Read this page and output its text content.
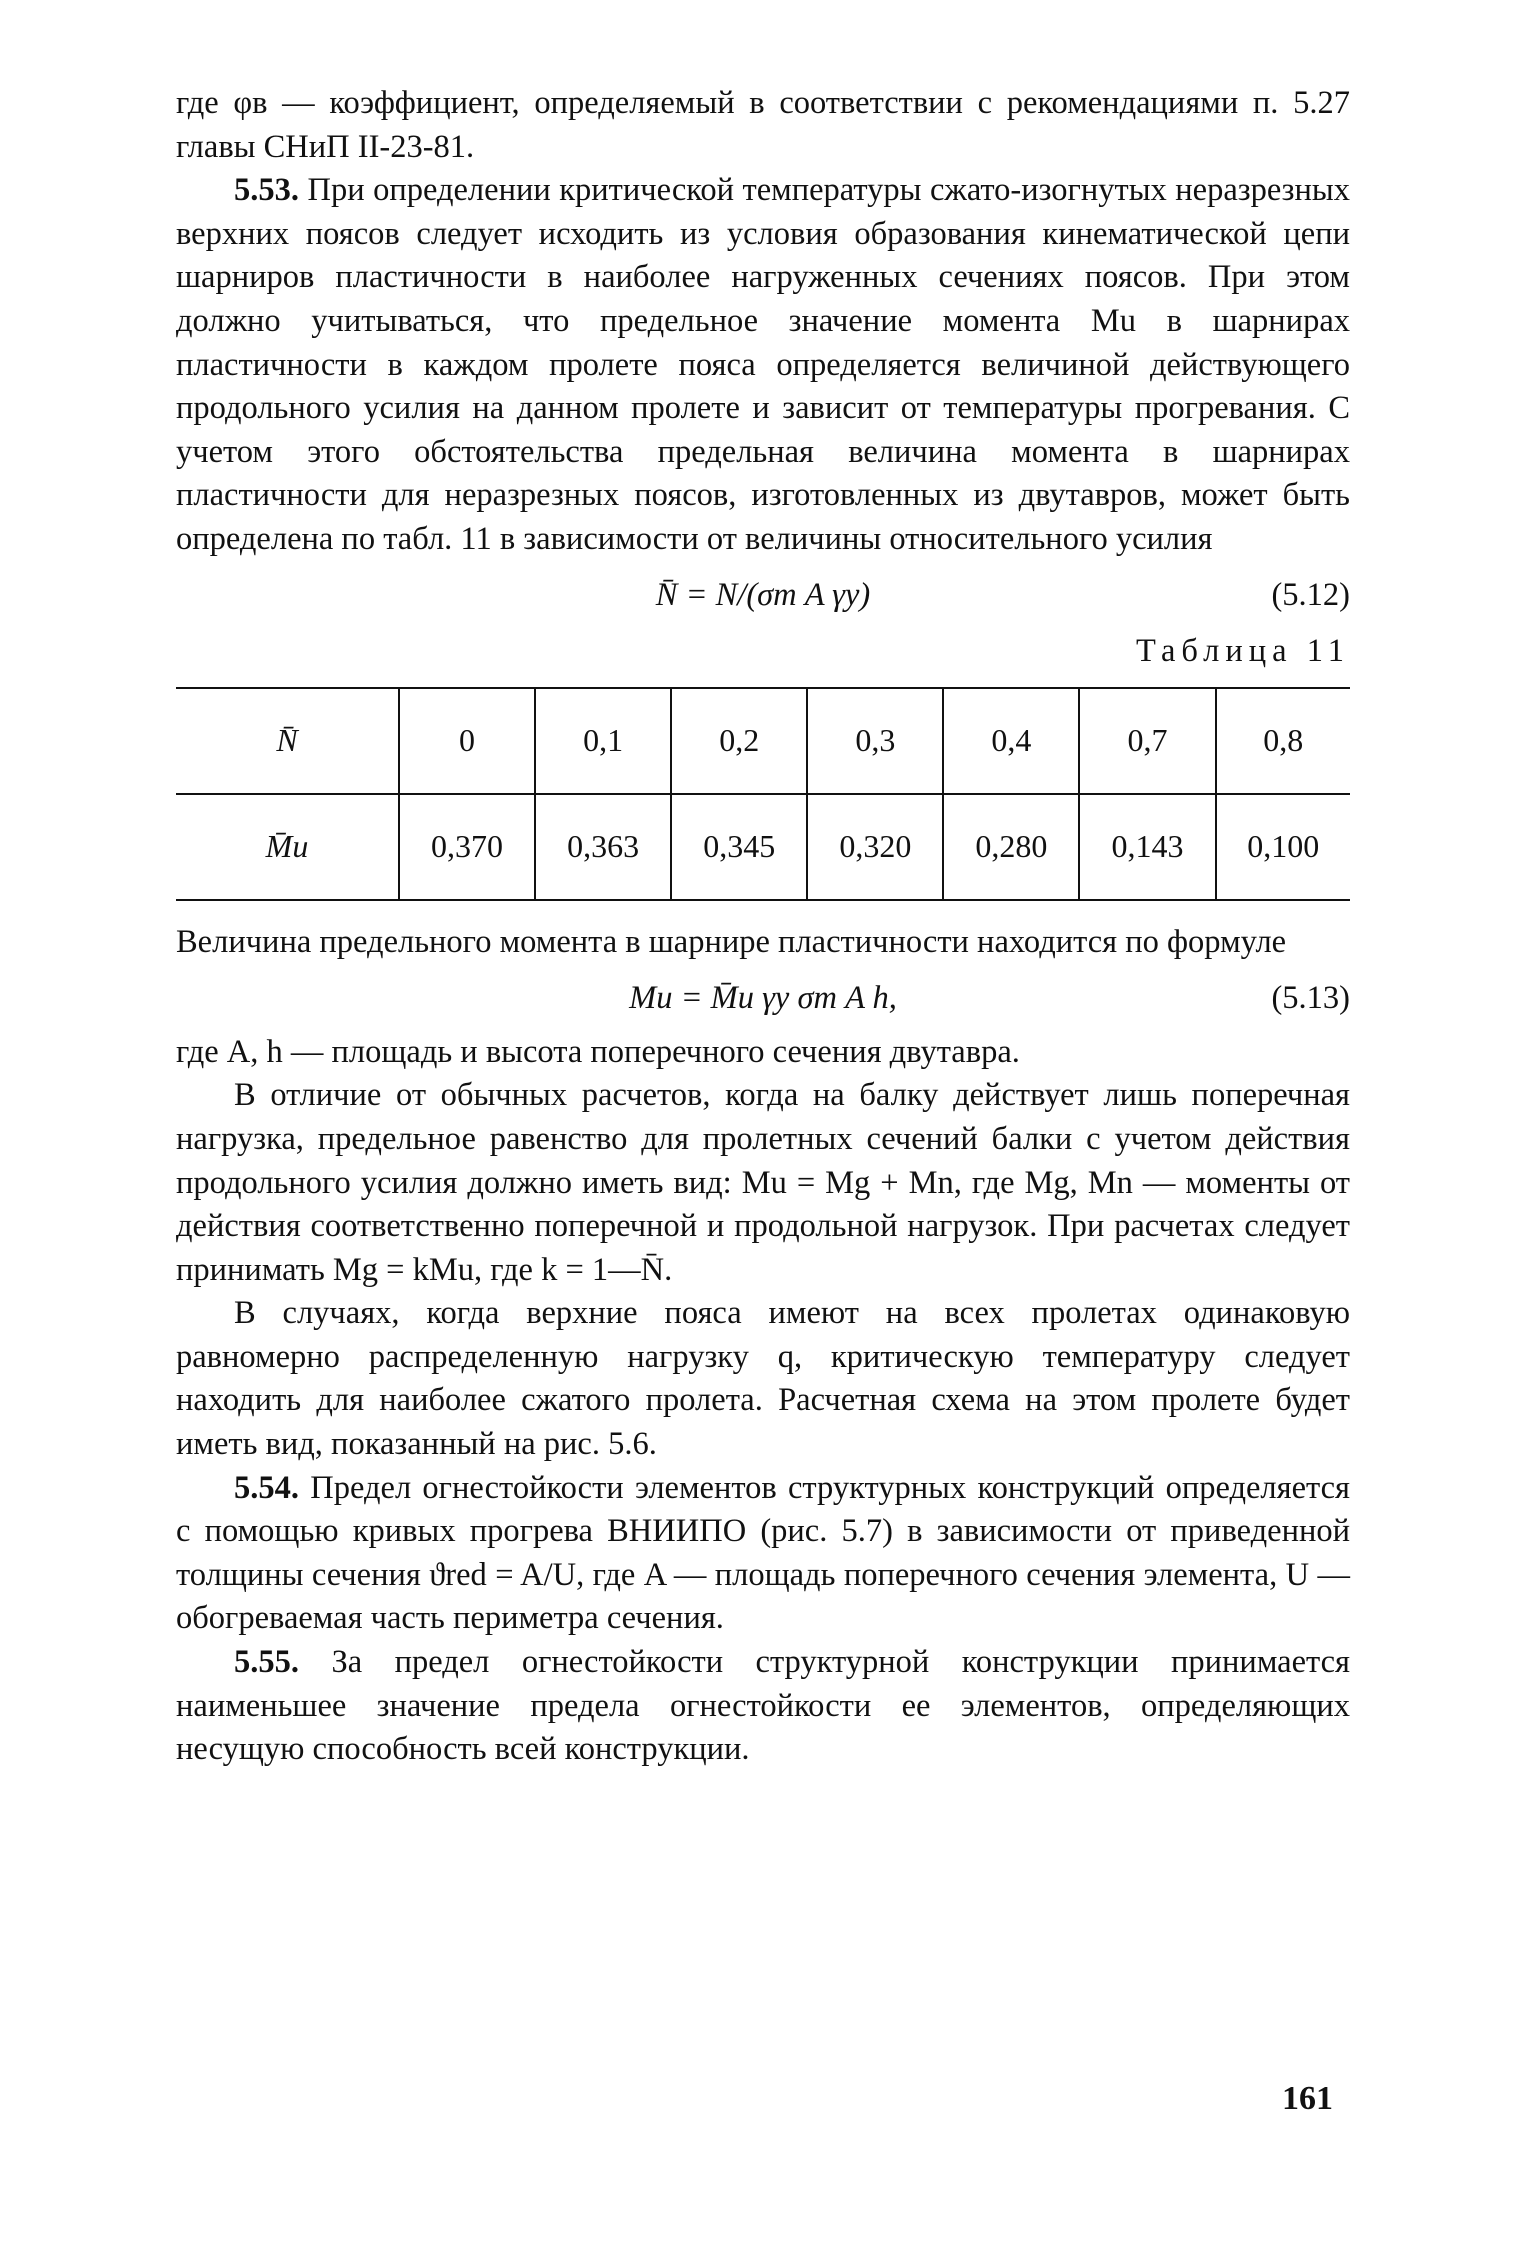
где φв — коэффициент, определяемый в соответствии с рекомендациями п. 5.27 главы СНиП II-23-81.

5.53. При определении критической температуры сжато-изогнутых неразрезных верхних поясов следует исходить из условия образования кинематической цепи шарниров пластичности в наиболее нагруженных сечениях поясов. При этом должно учитываться, что предельное значение момента Mu в шарнирах пластичности в каждом пролете пояса определяется величиной действующего продольного усилия на данном пролете и зависит от температуры прогревания. С учетом этого обстоятельства предельная величина момента в шарнирах пластичности для неразрезных поясов, изготовленных из двутавров, может быть определена по табл. 11 в зависимости от величины относительного усилия

N̄ = N/(σт A γy)	(5.12)
Таблица 11
N̄	0	0,1	0,2	0,3	0,4	0,7	0,8
M̄u	0,370	0,363	0,345	0,320	0,280	0,143	0,100

Величина предельного момента в шарнире пластичности находится по формуле

Mu = M̄u γy σт A h,	(5.13)

где A, h — площадь и высота поперечного сечения двутавра.

В отличие от обычных расчетов, когда на балку действует лишь поперечная нагрузка, предельное равенство для пролетных сечений балки с учетом действия продольного усилия должно иметь вид: Mu = Mg + Mn, где Mg, Mn — моменты от действия соответственно поперечной и продольной нагрузок. При расчетах следует принимать Mg = kMu, где k = 1—N̄.

В случаях, когда верхние пояса имеют на всех пролетах одинаковую равномерно распределенную нагрузку q, критическую температуру следует находить для наиболее сжатого пролета. Расчетная схема на этом пролете будет иметь вид, показанный на рис. 5.6.

5.54. Предел огнестойкости элементов структурных конструкций определяется с помощью кривых прогрева ВНИИПО (рис. 5.7) в зависимости от приведенной толщины сечения ϑred = A/U, где A — площадь поперечного сечения элемента, U — обогреваемая часть периметра сечения.

5.55. За предел огнестойкости структурной конструкции принимается наименьшее значение предела огнестойкости ее элементов, определяющих несущую способность всей конструкции.

161
